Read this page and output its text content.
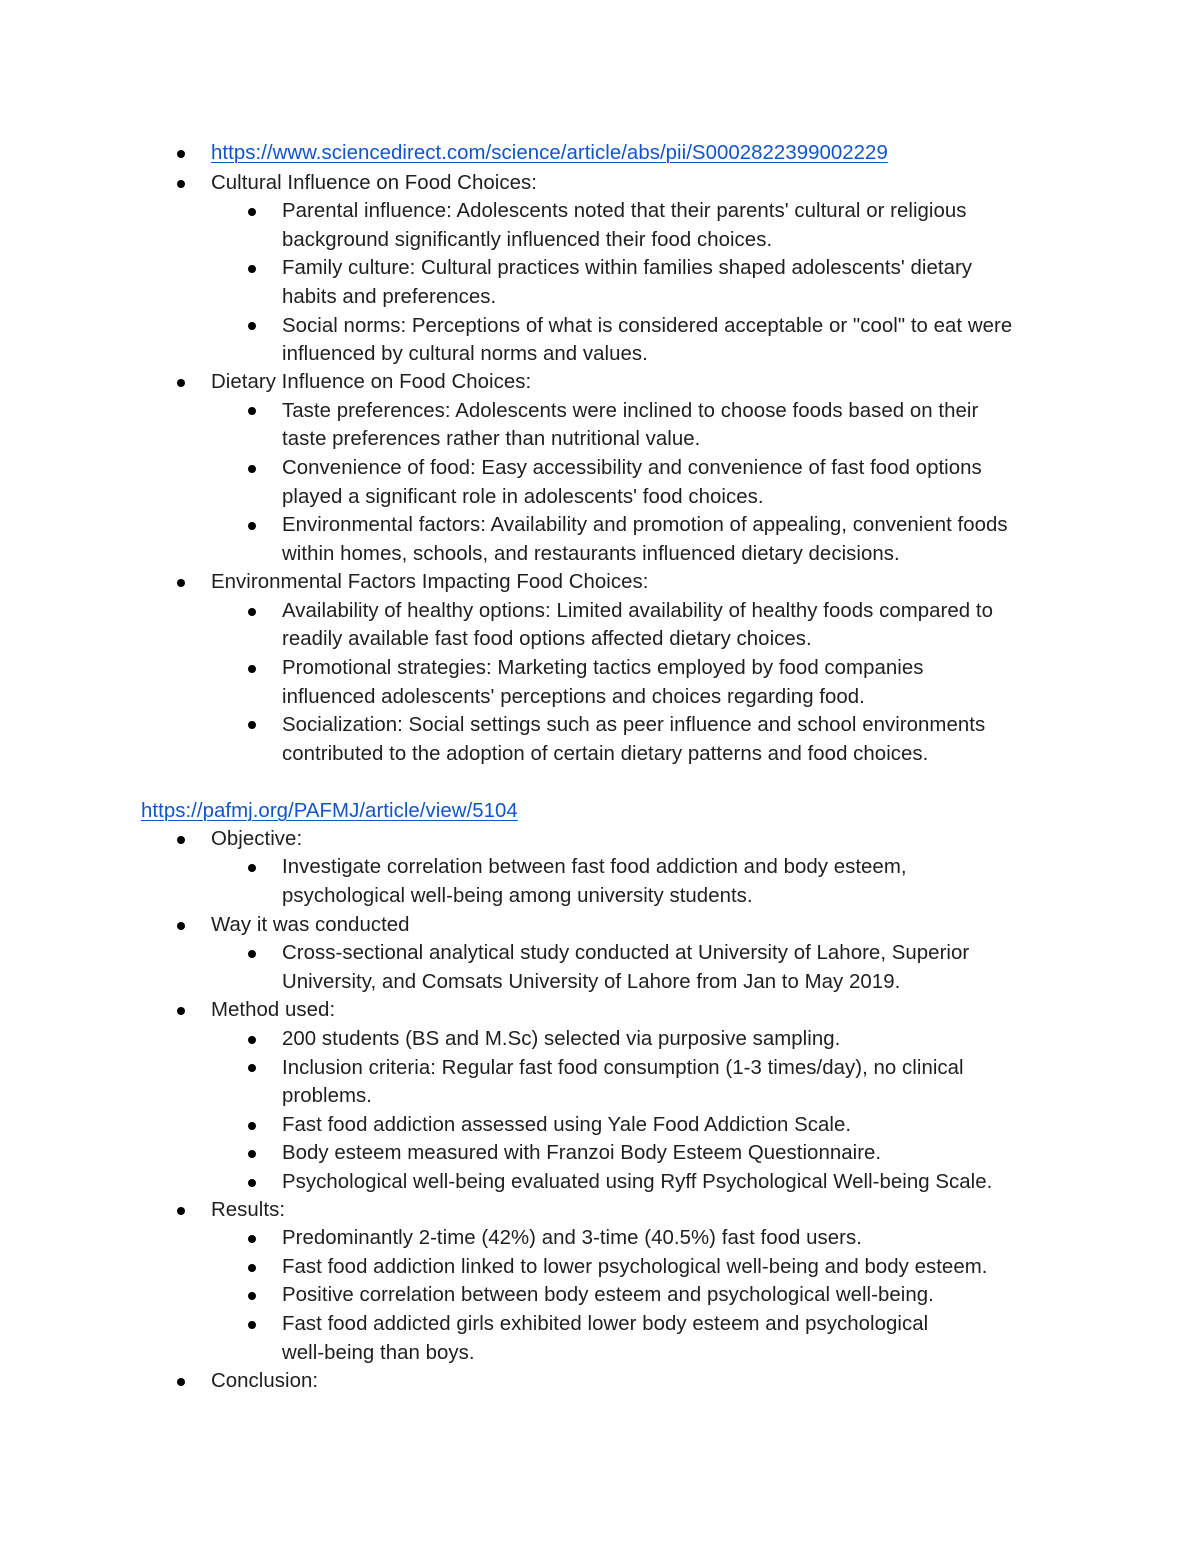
https://www.sciencedirect.com/science/article/abs/pii/S0002822399002229
Cultural Influence on Food Choices:
Parental influence: Adolescents noted that their parents' cultural or religious
background significantly influenced their food choices.
Family culture: Cultural practices within families shaped adolescents' dietary
habits and preferences.
Social norms: Perceptions of what is considered acceptable or "cool" to eat were
influenced by cultural norms and values.
Dietary Influence on Food Choices:
Taste preferences: Adolescents were inclined to choose foods based on their
taste preferences rather than nutritional value.
Convenience of food: Easy accessibility and convenience of fast food options
played a significant role in adolescents' food choices.
Environmental factors: Availability and promotion of appealing, convenient foods
within homes, schools, and restaurants influenced dietary decisions.
Environmental Factors Impacting Food Choices:
Availability of healthy options: Limited availability of healthy foods compared to
readily available fast food options affected dietary choices.
Promotional strategies: Marketing tactics employed by food companies
influenced adolescents' perceptions and choices regarding food.
Socialization: Social settings such as peer influence and school environments
contributed to the adoption of certain dietary patterns and food choices.
https://pafmj.org/PAFMJ/article/view/5104
Objective:
Investigate correlation between fast food addiction and body esteem,
psychological well-being among university students.
Way it was conducted
Cross-sectional analytical study conducted at University of Lahore, Superior
University, and Comsats University of Lahore from Jan to May 2019.
Method used:
200 students (BS and M.Sc) selected via purposive sampling.
Inclusion criteria: Regular fast food consumption (1-3 times/day), no clinical
problems.
Fast food addiction assessed using Yale Food Addiction Scale.
Body esteem measured with Franzoi Body Esteem Questionnaire.
Psychological well-being evaluated using Ryff Psychological Well-being Scale.
Results:
Predominantly 2-time (42%) and 3-time (40.5%) fast food users.
Fast food addiction linked to lower psychological well-being and body esteem.
Positive correlation between body esteem and psychological well-being.
Fast food addicted girls exhibited lower body esteem and psychological
well-being than boys.
Conclusion:
